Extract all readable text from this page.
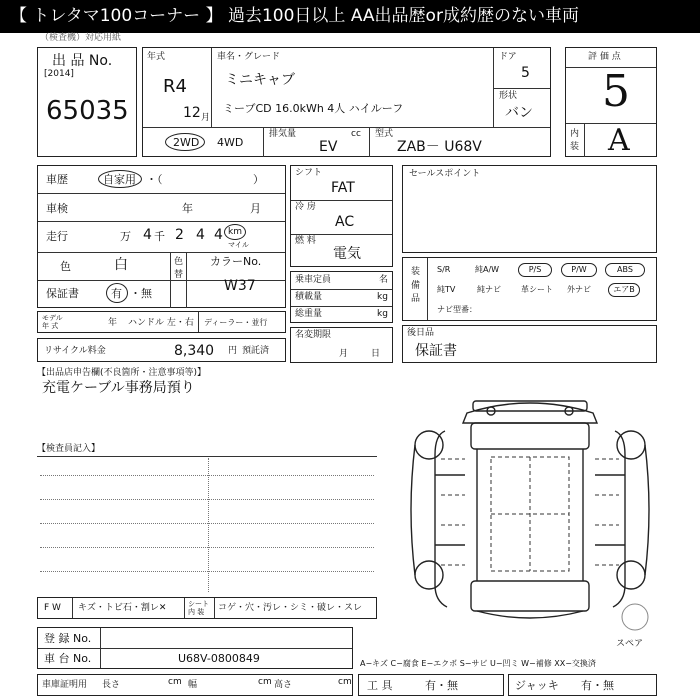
【 トレタマ100コーナー 】 過去100日以上 AA出品歴or成約歴のない車両
（検査機）対応用紙
出 品 No.
[2014]
65035
年式
R4
12 月
車名・グレード
ミニキャブ
ミーブCD 16.0kWh 4人 ハイルーフ
ドア
5
形状
バン
2WD 4WD
排気量	cc
EV
型式
ZAB－ U68V
評 価 点
5
内
装 A
車歴	自家用 ・（	）
車検	年	月
走行	万 4 千 2 4 4 km
マイル
色	白	色
替
カラーNo.
W37
保証書	有 ・無
モデル
年 式	年 ハンドル 左・右 ディーラー・並行
リサイクル料金	8,340 円 預託済
シフト
FAT
冷 房
AC
燃 料
電気
乗車定員	名
積載量	kg
総重量	kg
名変期限
月	日
セールスポイント
装
備
品
S/R	純A/W	P/S	P/W	ABS
純TV	純ナビ	革シート 外ナビ	エアB
ナビ型番：
後日品
保証書
【出品店申告欄(不良箇所・注意事項等)】
充電ケーブル事務局預り
【検査員記入】
スペア
F W キズ・トビ石・割レ✕	シート
内 装	コゲ・穴・汚レ・シミ・破レ・スレ
登 録 No.
車 台 No.	U68V-0800849	A−キズ C−腐食 E−エクボ S−サビ U−凹ミ W−補修 XX−交換済
車庫証明用 長さ	cm 幅	cm 高さ	cm 工 具	有・無	ジャッキ 有・無
